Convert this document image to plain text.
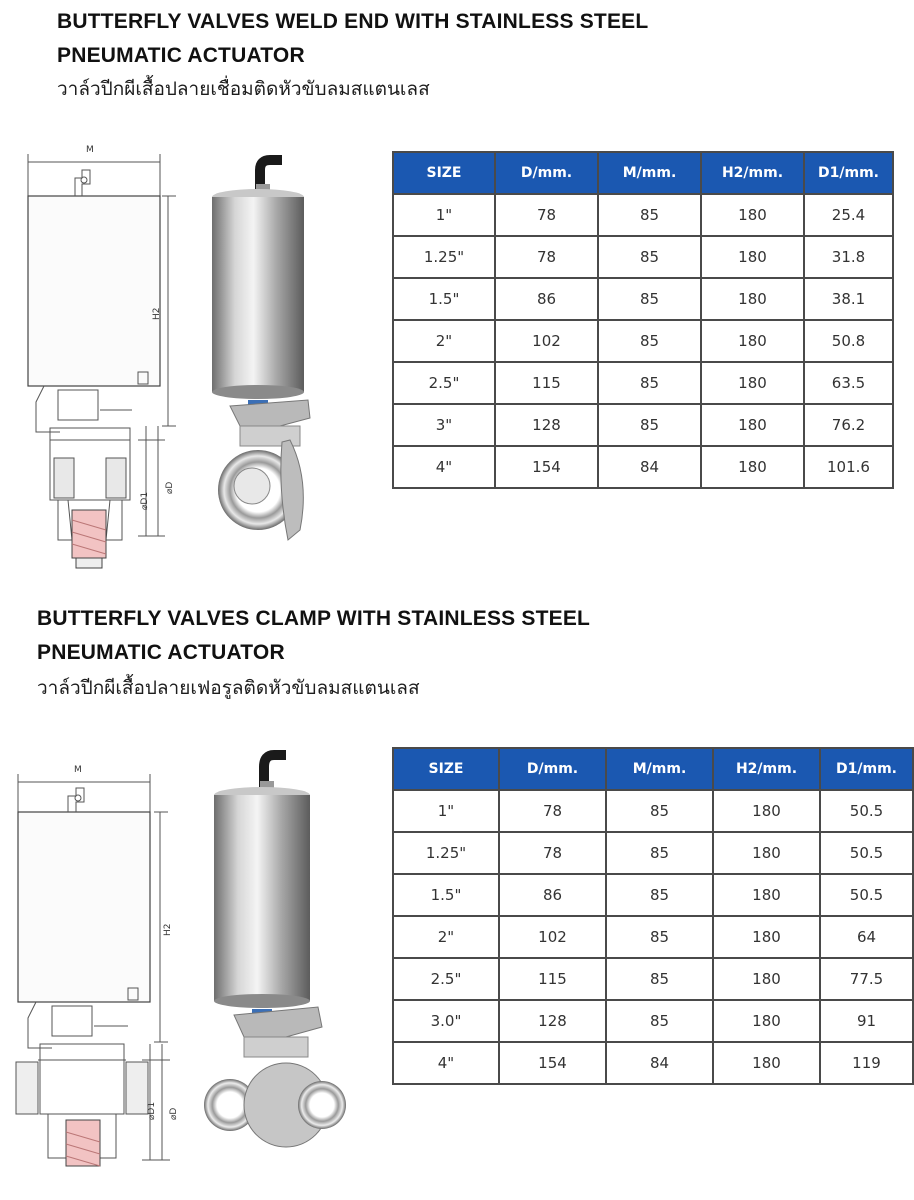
BUTTERFLY VALVES WELD END WITH STAINLESS STEEL
PNEUMATIC ACTUATOR

วาล์วปีกผีเสื้อปลายเชื่อมติดหัวขับลมสแตนเลส

M
H2
⌀D1
⌀D
SIZE	D/mm.	M/mm.	H2/mm.	D1/mm.
1"	78	85	180	25.4
1.25"	78	85	180	31.8
1.5"	86	85	180	38.1
2"	102	85	180	50.8
2.5"	115	85	180	63.5
3"	128	85	180	76.2
4"	154	84	180	101.6
BUTTERFLY VALVES CLAMP WITH STAINLESS STEEL
PNEUMATIC ACTUATOR

วาล์วปีกผีเสื้อปลายเฟอรูลติดหัวขับลมสแตนเลส

M
H2
⌀D1 ⌀D
SIZE	D/mm.	M/mm.	H2/mm.	D1/mm.
1"	78	85	180	50.5
1.25"	78	85	180	50.5
1.5"	86	85	180	50.5
2"	102	85	180	64
2.5"	115	85	180	77.5
3.0"	128	85	180	91
4"	154	84	180	119
